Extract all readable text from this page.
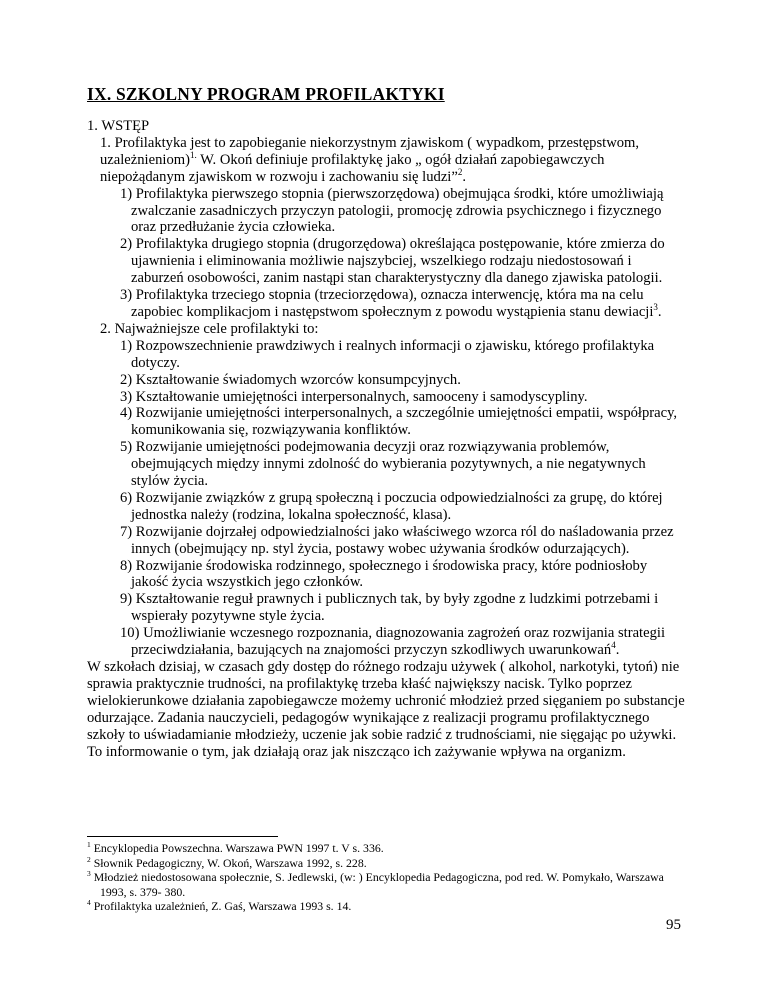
IX. SZKOLNY PROGRAM PROFILAKTYKI

1. WSTĘP

1. Profilaktyka jest to zapobieganie niekorzystnym zjawiskom ( wypadkom, przestępstwom, uzależnieniom)$^{1.}$ W. Okoń definiuje profilaktykę jako „ ogół działań zapobiegawczych niepożądanym zjawiskom w rozwoju i zachowaniu się ludzi”$^2$.

1) Profilaktyka pierwszego stopnia (pierwszorzędowa) obejmująca środki, które umożliwiają zwalczanie zasadniczych przyczyn patologii, promocję zdrowia psychicznego i fizycznego oraz przedłużanie życia człowieka.

2) Profilaktyka drugiego stopnia (drugorzędowa) określająca postępowanie, które zmierza do ujawnienia i eliminowania możliwie najszybciej, wszelkiego rodzaju niedostosowań i zaburzeń osobowości, zanim nastąpi stan charakterystyczny dla danego zjawiska patologii.

3) Profilaktyka trzeciego stopnia (trzeciorzędowa), oznacza interwencję, która ma na celu zapobiec komplikacjom i następstwom społecznym z powodu wystąpienia stanu dewiacji$^3$.

2. Najważniejsze cele profilaktyki to:

1) Rozpowszechnienie prawdziwych i realnych informacji o zjawisku, którego profilaktyka dotyczy.

2) Kształtowanie świadomych wzorców konsumpcyjnych.

3) Kształtowanie umiejętności interpersonalnych, samooceny i samodyscypliny.

4) Rozwijanie umiejętności interpersonalnych, a szczególnie umiejętności empatii, współpracy, komunikowania się, rozwiązywania konfliktów.

5) Rozwijanie umiejętności podejmowania decyzji oraz rozwiązywania problemów, obejmujących między innymi zdolność do wybierania pozytywnych, a nie negatywnych stylów życia.

6) Rozwijanie związków z grupą społeczną i poczucia odpowiedzialności za grupę, do której jednostka należy (rodzina, lokalna społeczność, klasa).

7) Rozwijanie dojrzałej odpowiedzialności jako właściwego wzorca ról do naśladowania przez innych (obejmujący np. styl życia, postawy wobec używania środków odurzających).

8) Rozwijanie środowiska rodzinnego, społecznego i środowiska pracy, które podniosłoby jakość życia wszystkich jego członków.

9) Kształtowanie reguł prawnych i publicznych tak, by były zgodne z ludzkimi potrzebami i wspierały pozytywne style życia.

10) Umożliwianie wczesnego rozpoznania, diagnozowania zagrożeń oraz rozwijania strategii przeciwdziałania, bazujących na znajomości przyczyn szkodliwych uwarunkowań$^4$.

W szkołach dzisiaj, w czasach gdy dostęp do różnego rodzaju używek ( alkohol, narkotyki, tytoń) nie sprawia praktycznie trudności, na profilaktykę trzeba kłaść największy nacisk. Tylko poprzez wielokierunkowe działania zapobiegawcze możemy uchronić młodzież przed sięganiem po substancje odurzające. Zadania nauczycieli, pedagogów wynikające z realizacji programu profilaktycznego szkoły to uświadamianie młodzieży, uczenie jak sobie radzić z trudnościami, nie sięgając po używki. To informowanie o tym, jak działają oraz jak niszcząco ich zażywanie wpływa na organizm.

$^1$ Encyklopedia Powszechna. Warszawa PWN 1997 t. V s. 336.

$^2$ Słownik Pedagogiczny, W. Okoń, Warszawa 1992, s. 228.

$^3$ Młodzież niedostosowana społecznie, S. Jedlewski, (w: ) Encyklopedia Pedagogiczna, pod red. W. Pomykało, Warszawa 1993, s. 379- 380.

$^4$ Profilaktyka uzależnień, Z. Gaś, Warszawa 1993 s. 14.

95
